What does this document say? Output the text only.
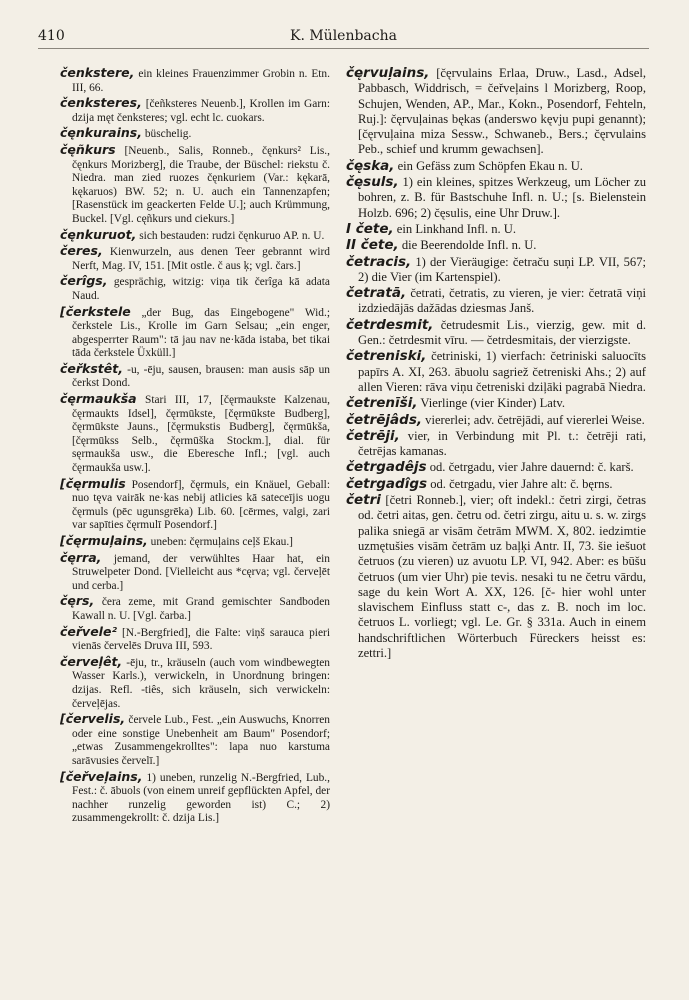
410	K. Mülenbacha

čenkstere, ein kleines Frauenzimmer Grobin n. Etn. III, 66.

čenksteres, [čeñksteres Neuenb.], Krollen im Garn: dzija męt čenksteres; vgl. echt lc. cuokars.

čęnkurains, büschelig.

čęñkurs [Neuenb., Salis, Ronneb., čęnkurs² Lis., čęnkurs Morizberg], die Traube, der Büschel: riekstu č. Niedra. man zied ruozes čęnkuriem (Var.: kękarā, kękaruos) BW. 52; n. U. auch ein Tannenzapfen; [Rasenstück im geackerten Felde U.]; auch Krümmung, Buckel. [Vgl. cęñkurs und ciekurs.]

čęnkuruot, sich bestauden: rudzi čęnkuruo AP. n. U.

čeres, Kienwurzeln, aus denen Teer gebrannt wird Nerft, Mag. IV, 151. [Mit ostle. č aus ķ; vgl. čars.]

čerîgs, gesprächig, witzig: viņa tik čerîga kā adata Naud.

[čerkstele „der Bug, das Eingebogene" Wid.; čerkstele Lis., Krolle im Garn Selsau; „ein enger, abgesperrter Raum": tā jau nav ne·kāda istaba, bet tikai tāda čerkstele Üxküll.]

čeřkstêt, -u, -ēju, sausen, brausen: man ausis sāp un čerkst Dond.

čęrmaukša Stari III, 17, [čęrmaukste Kalzenau, čęrmaukts Idsel], čęrmūkste, [čęrmūkste Budberg], čęrmūkste Jauns., [čęrmukstis Budberg], čęrmūkša, [čęrmūkss Selb., čęrmūška Stockm.], dial. für sęrmaukša usw., die Eberesche Infl.; [vgl. auch čęrmaukša usw.].

[čęrmulis Posendorf], čęrmuls, ein Knäuel, Geball: nuo tęva vairāk ne·kas nebij atlicies kā sateceījis uogu čęrmuls (pēc ugunsgrēka) Lib. 60. [cērmes, valgi, zari var sapīties čęrmulī Posendorf.]

[čęrmuļains, uneben: čęrmuļains ceļš Ekau.]

čęrra, jemand, der verwühltes Haar hat, ein Struwelpeter Dond. [Vielleicht aus *cęrva; vgl. červeļēt und cerba.]

čęrs, čera zeme, mit Grand gemischter Sandboden Kawall n. U. [Vgl. čarba.]

čeřvele² [N.-Bergfried], die Falte: viņš saraucа pieri vienās červelēs Druva III, 593.

červeļêt, -ēju, tr., kräuseln (auch vom windbewegten Wasser Karls.), verwickeln, in Unordnung bringen: dzijas. Refl. -tiês, sich kräuseln, sich verwickeln: červeļējas.

[červelis, červele Lub., Fest. „ein Auswuchs, Knorren oder eine sonstige Unebenheit am Baum" Posendorf; „etwas Zusammengekrolltes": lapa nuo karstuma sarāvusies červelī.]

[čeřveļains, 1) uneben, runzelig N.-Bergfried, Lub., Fest.: č. ābuols (von einem unreif gepflückten Apfel, der nachher runzelig geworden ist) C.; 2) zusammengekrollt: č. dzija Lis.]

čęrvuļains, [čęrvulains Erlaa, Druw., Lasd., Adsel, Pabbasch, Widdrisch, = čeřveļains l Morizberg, Roop, Schujen, Wenden, AP., Mar., Kokn., Posendorf, Fehteln, Ruj.]: čęrvuļainas bękas (anderswo kęvju pupi genannt); [čęrvuļaina miza Sessw., Schwaneb., Bers.; čęrvulains Peb., schief und krumm gewachsen].

čęska, ein Gefäss zum Schöpfen Ekau n. U.

čęsuls, 1) ein kleines, spitzes Werkzeug, um Löcher zu bohren, z. B. für Bastschuhe Infl. n. U.; [s. Bielenstein Holzb. 696; 2) čęsulis, eine Uhr Druw.].

I čete, ein Linkhand Infl. n. U.

II čete, die Beerendolde Infl. n. U.

četracis, 1) der Vieräugige: četraču suņi LP. VII, 567; 2) die Vier (im Kartenspiel).

četratā, četrati, četratis, zu vieren, je vier: četratā viņi izdziedājās dažādas dziesmas Janš.

četrdesmit, četrudesmit Lis., vierzig, gew. mit d. Gen.: četrdesmit vīru. — četrdesmitais, der vierzigste.

četreniski, četriniski, 1) vierfach: četriniski saluocīts papīrs A. XI, 263. ābuolu sagriež četreniski Ahs.; 2) auf allen Vieren: rāva viņu četreniski dziļāki pagrabā Niedra.

četrenīši, Vierlinge (vier Kinder) Latv.

četrējâds, viererlei; adv. četrējādi, auf viererlei Weise.

četrēji, vier, in Verbindung mit Pl. t.: četrēji rati, četrējas kamanas.

četrgadêjs od. četrgadu, vier Jahre dauernd: č. karš.

četrgadîgs od. četrgadu, vier Jahre alt: č. bęrns.

četri [četri Ronneb.], vier; oft indekl.: četri zirgi, četras od. četri aitas, gen. četru od. četri zirgu, aitu u. s. w. zirgs palika sniegā ar visām četrām MWM. X, 802. iedzimtie uzmętušies visām četrām uz baļķi Antr. II, 73. šie iešuot četruos (zu vieren) uz avuotu LP. VI, 942. Aber: es būšu četruos (um vier Uhr) pie tevis. nesaki tu ne četru vārdu, sage du kein Wort A. XX, 126. [č- hier wohl unter slavischem Einfluss statt c-, das z. B. noch im loc. četruos L. vorliegt; vgl. Le. Gr. § 331a. Auch in einem handschriftlichen Wörterbuch Füreckers heisst es: zettri.]
